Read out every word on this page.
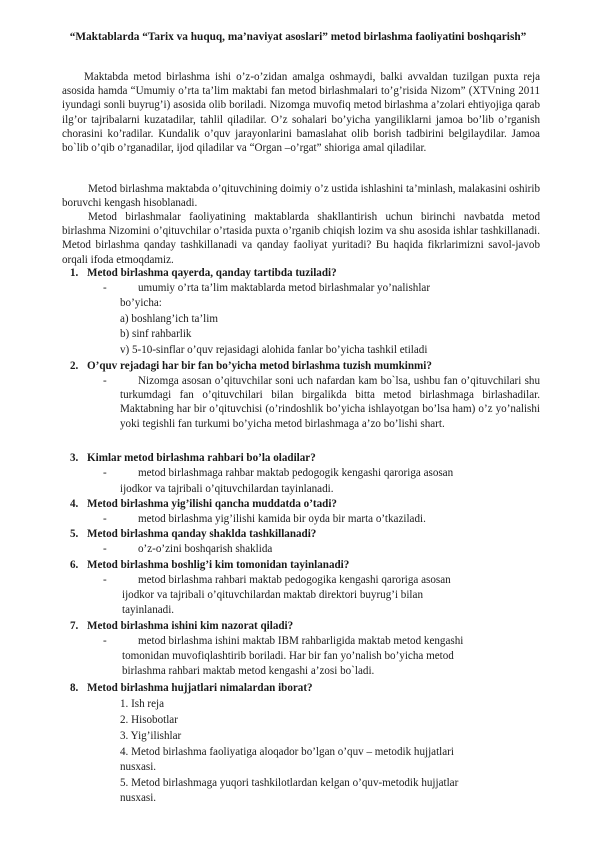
“Maktablarda “Tarix va huquq, ma’naviyat asoslari” metod birlashma faoliyatini boshqarish”

Maktabda metod birlashma ishi o’z-o’zidan amalga oshmaydi, balki avvaldan tuzilgan puxta reja asosida hamda “Umumiy o’rta ta’lim maktabi fan metod birlashmalari to’g’risida Nizom” (XTVning 2011 iyundagi sonli buyrug’i) asosida olib boriladi. Nizomga muvofiq metod birlashma a’zolari ehtiyojiga qarab ilg’or tajribalarni kuzatadilar, tahlil qiladilar. O’z sohalari bo’yicha yangiliklarni jamoa bo’lib o’rganish chorasini ko’radilar. Kundalik o’quv jarayonlarini bamaslahat olib borish tadbirini belgilaydilar. Jamoa bo`lib o’qib o’rganadilar, ijod qiladilar va “Organ –o’rgat” shioriga amal qiladilar.

Metod birlashma maktabda o’qituvchining doimiy o’z ustida ishlashini ta’minlash, malakasini oshirib boruvchi kengash hisoblanadi.

Metod birlashmalar faoliyatining maktablarda shakllantirish uchun birinchi navbatda metod birlashma Nizomini o’qituvchilar o’rtasida puxta o’rganib chiqish lozim va shu asosida ishlar tashkillanadi. Metod birlashma qanday tashkillanadi va qanday faoliyat yuritadi? Bu haqida fikrlarimizni savol-javob orqali ifoda etmoqdamiz.

1. Metod birlashma qayerda, qanday tartibda tuziladi?
-	umumiy o’rta ta’lim maktablarda metod birlashmalar yo’nalishlar
bo’yicha:
a) boshlang’ich ta’lim
b) sinf rahbarlik
v) 5-10-sinflar o’quv rejasidagi alohida fanlar bo’yicha tashkil etiladi
2. O’quv rejadagi har bir fan bo’yicha metod birlashma tuzish mumkinmi?
-	Nizomga asosan o’qituvchilar soni uch nafardan kam bo`lsa, ushbu fan o’qituvchilari shu turkumdagi fan o’qituvchilari bilan birgalikda bitta metod birlashmaga birlashadilar. Maktabning har bir o’qituvchisi (o’rindoshlik bo’yicha ishlayotgan bo’lsa ham) o’z yo’nalishi yoki tegishli fan turkumi bo’yicha metod birlashmaga a’zo bo’lishi shart.

3. Kimlar metod birlashma rahbari bo’la oladilar?
-	metod birlashmaga rahbar maktab pedogogik kengashi qaroriga asosan
ijodkor va tajribali o’qituvchilardan tayinlanadi.
4. Metod birlashma yig’ilishi qancha muddatda o’tadi?
-	metod birlashma yig’ilishi kamida bir oyda bir marta o’tkaziladi.
5. Metod birlashma qanday shaklda tashkillanadi?
-	o’z-o’zini boshqarish shaklida
6. Metod birlashma boshlig’i kim tomonidan tayinlanadi?
-	metod birlashma rahbari maktab pedogogika kengashi qaroriga asosan
ijodkor va tajribali o’qituvchilardan maktab direktori buyrug’i bilan
tayinlanadi.
7. Metod birlashma ishini kim nazorat qiladi?
-	metod birlashma ishini maktab IBM rahbarligida maktab metod kengashi
tomonidan muvofiqlashtirib boriladi. Har bir fan yo’nalish bo’yicha metod
birlashma rahbari maktab metod kengashi a’zosi bo`ladi.
8. Metod birlashma hujjatlari nimalardan iborat?
1. Ish reja
2. Hisobotlar
3. Yig’ilishlar
4. Metod birlashma faoliyatiga aloqador bo’lgan o’quv – metodik hujjatlari
nusxasi.
5. Metod birlashmaga yuqori tashkilotlardan kelgan o’quv-metodik hujjatlar
nusxasi.
